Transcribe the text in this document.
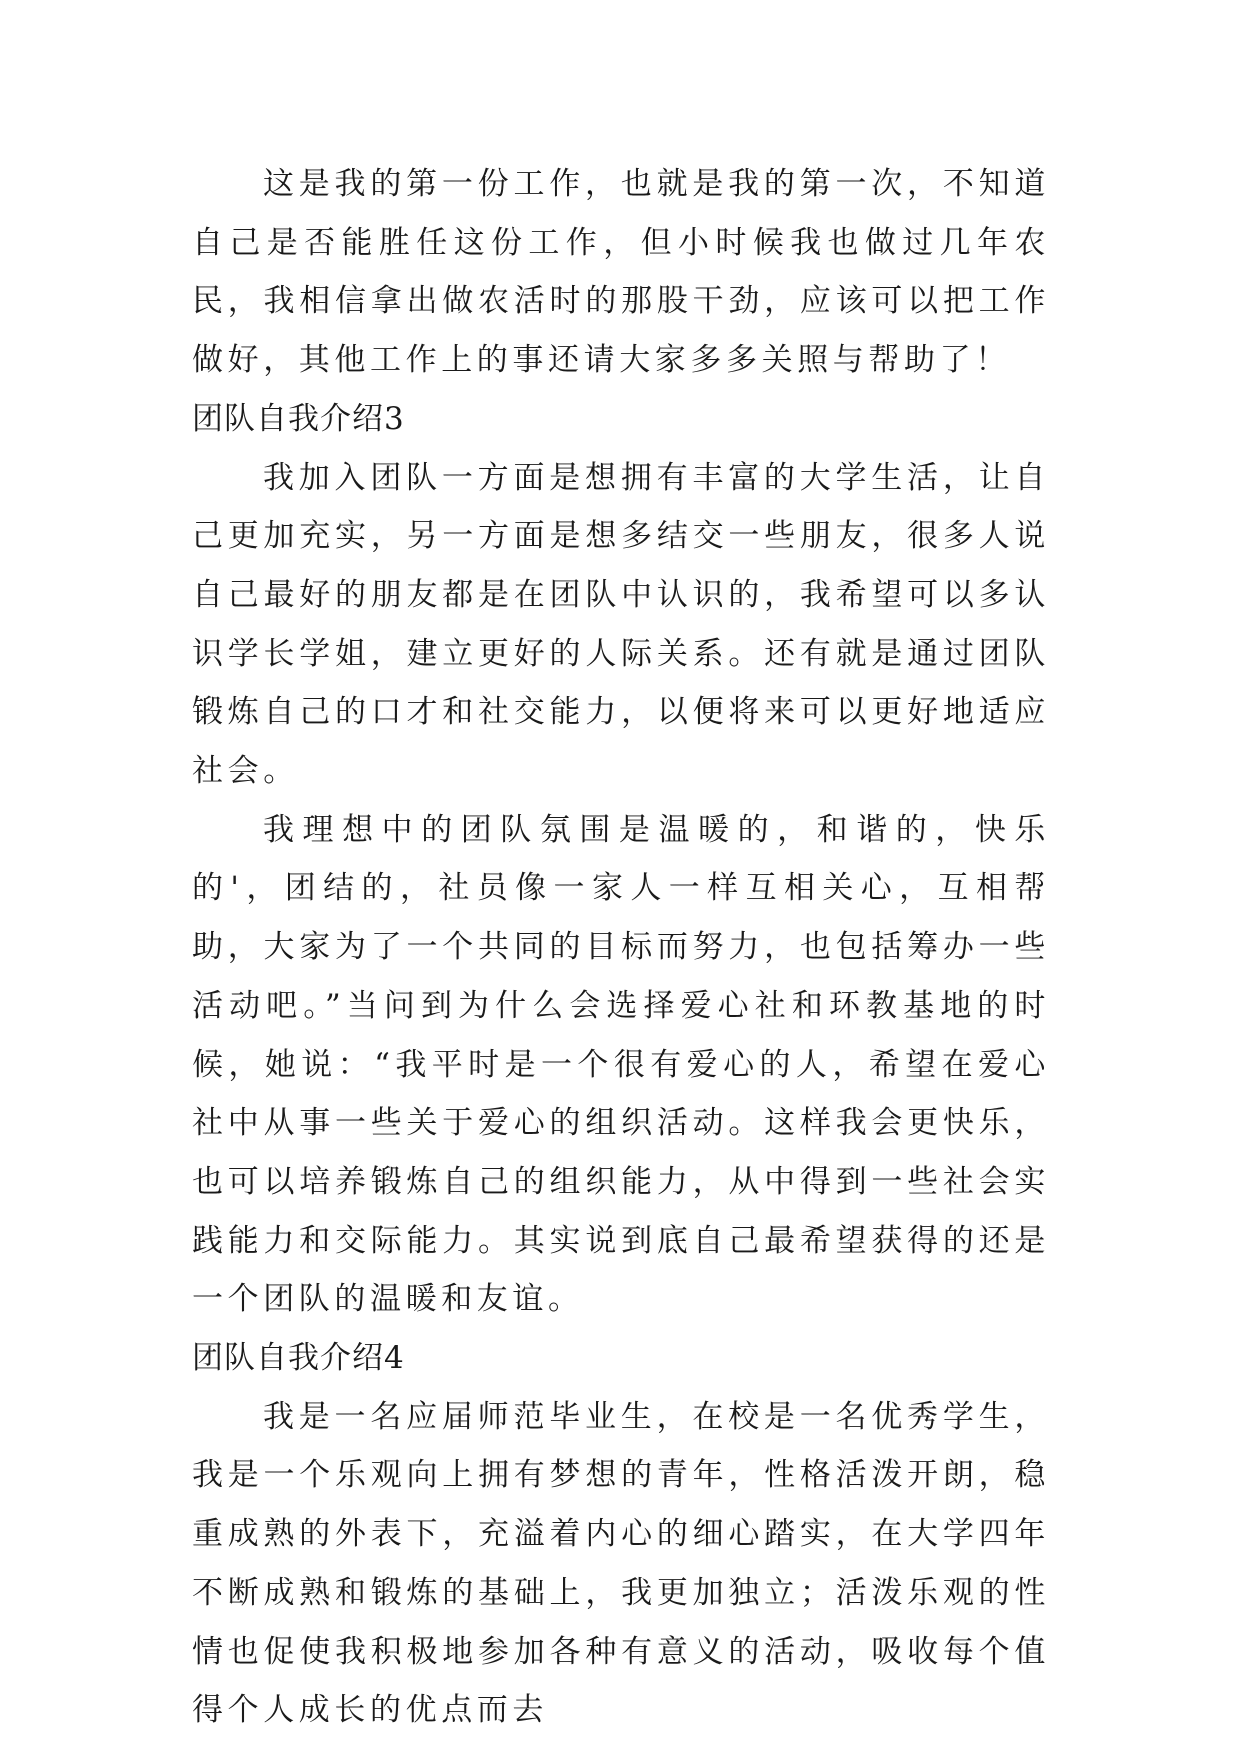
这是我的第一份工作，也就是我的第一次，不知道自己是否能胜任这份工作，但小时候我也做过几年农民，我相信拿出做农活时的那股干劲，应该可以把工作做好，其他工作上的事还请大家多多关照与帮助了！

团队自我介绍3

我加入团队一方面是想拥有丰富的大学生活，让自己更加充实，另一方面是想多结交一些朋友，很多人说自己最好的朋友都是在团队中认识的，我希望可以多认识学长学姐，建立更好的人际关系。还有就是通过团队锻炼自己的口才和社交能力，以便将来可以更好地适应社会。

我理想中的团队氛围是温暖的，和谐的，快乐的'，团结的，社员像一家人一样互相关心，互相帮助，大家为了一个共同的目标而努力，也包括筹办一些活动吧。”当问到为什么会选择爱心社和环教基地的时候，她说：“我平时是一个很有爱心的人，希望在爱心社中从事一些关于爱心的组织活动。这样我会更快乐，也可以培养锻炼自己的组织能力，从中得到一些社会实践能力和交际能力。其实说到底自己最希望获得的还是一个团队的温暖和友谊。

团队自我介绍4

我是一名应届师范毕业生，在校是一名优秀学生，我是一个乐观向上拥有梦想的青年，性格活泼开朗，稳重成熟的外表下，充溢着内心的细心踏实，在大学四年不断成熟和锻炼的基础上，我更加独立；活泼乐观的性情也促使我积极地参加各种有意义的活动，吸收每个值得个人成长的优点而去
